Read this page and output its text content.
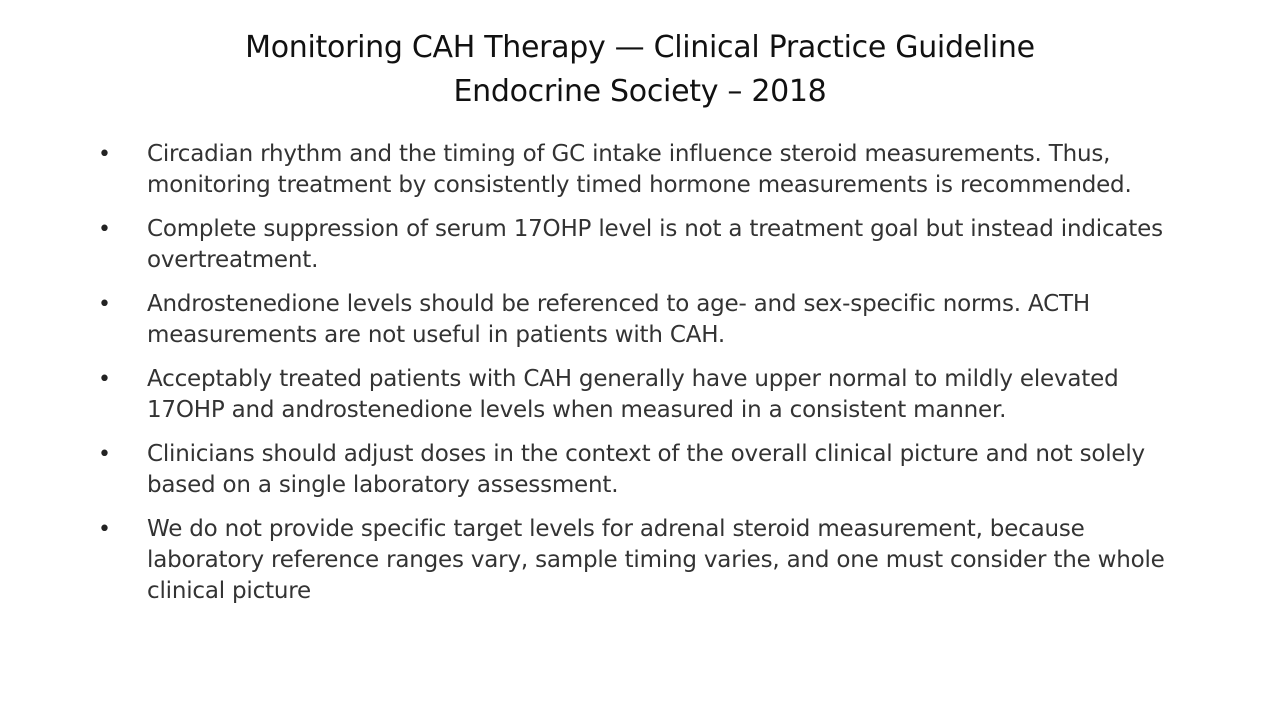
Monitoring CAH Therapy — Clinical Practice Guideline
Endocrine Society – 2018
• Circadian rhythm and the timing of GC intake influence steroid measurements. Thus, monitoring treatment by consistently timed hormone measurements is recommended.
• Complete suppression of serum 17OHP level is not a treatment goal but instead indicates overtreatment.
• Androstenedione levels should be referenced to age- and sex-specific norms. ACTH measurements are not useful in patients with CAH.
• Acceptably treated patients with CAH generally have upper normal to mildly elevated 17OHP and androstenedione levels when measured in a consistent manner.
• Clinicians should adjust doses in the context of the overall clinical picture and not solely based on a single laboratory assessment.
• We do not provide specific target levels for adrenal steroid measurement, because laboratory reference ranges vary, sample timing varies, and one must consider the whole clinical picture
